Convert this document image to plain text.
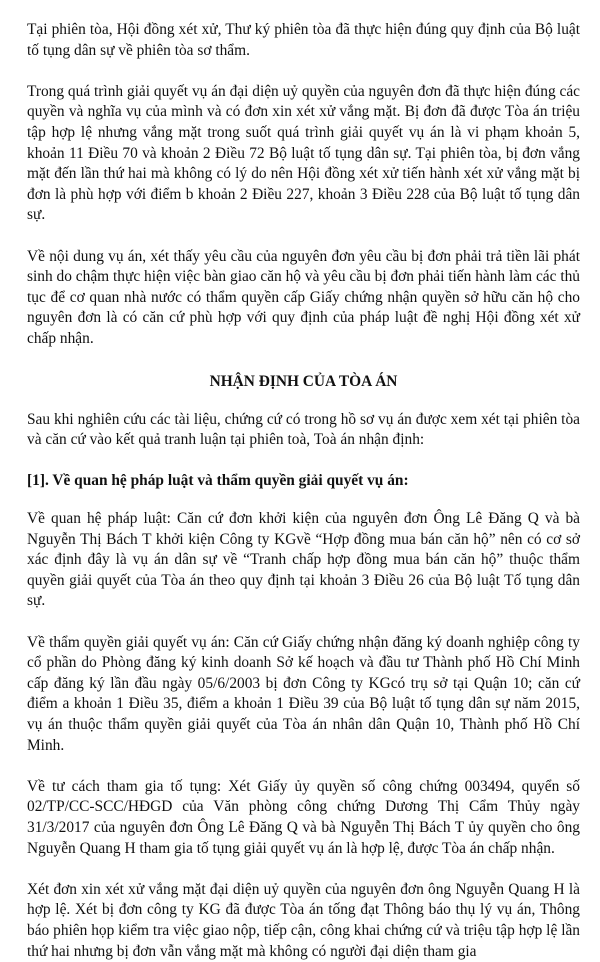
Tại phiên tòa, Hội đồng xét xử, Thư ký phiên tòa đã thực hiện đúng quy định của Bộ luật tố tụng dân sự về phiên tòa sơ thẩm.

Trong quá trình giải quyết vụ án đại diện uỷ quyền của nguyên đơn đã thực hiện đúng các quyền và nghĩa vụ của mình và có đơn xin xét xử vắng mặt. Bị đơn đã được Tòa án triệu tập hợp lệ nhưng vắng mặt trong suốt quá trình giải quyết vụ án là vi phạm khoản 5, khoản 11 Điều 70 và khoản 2 Điều 72 Bộ luật tố tụng dân sự. Tại phiên tòa, bị đơn vắng mặt đến lần thứ hai mà không có lý do nên Hội đồng xét xử tiến hành xét xử vắng mặt bị đơn là phù hợp với điểm b khoản 2 Điều 227, khoản 3 Điều 228 của Bộ luật tố tụng dân sự.

Về nội dung vụ án, xét thấy yêu cầu của nguyên đơn yêu cầu bị đơn phải trả tiền lãi phát sinh do chậm thực hiện việc bàn giao căn hộ và yêu cầu bị đơn phải tiến hành làm các thủ tục để cơ quan nhà nước có thẩm quyền cấp Giấy chứng nhận quyền sở hữu căn hộ cho nguyên đơn là có căn cứ phù hợp với quy định của pháp luật đề nghị Hội đồng xét xử chấp nhận.

NHẬN ĐỊNH CỦA TÒA ÁN

Sau khi nghiên cứu các tài liệu, chứng cứ có trong hồ sơ vụ án được xem xét tại phiên tòa và căn cứ vào kết quả tranh luận tại phiên toà, Toà án nhận định:

[1]. Về quan hệ pháp luật và thẩm quyền giải quyết vụ án:

Về quan hệ pháp luật: Căn cứ đơn khởi kiện của nguyên đơn Ông Lê Đăng Q và bà Nguyễn Thị Bách T khởi kiện Công ty KGvề “Hợp đồng mua bán căn hộ” nên có cơ sở xác định đây là vụ án dân sự về “Tranh chấp hợp đồng mua bán căn hộ” thuộc thẩm quyền giải quyết của Tòa án theo quy định tại khoản 3 Điều 26 của Bộ luật Tố tụng dân sự.

Về thẩm quyền giải quyết vụ án: Căn cứ Giấy chứng nhận đăng ký doanh nghiệp công ty cổ phần do Phòng đăng ký kinh doanh Sở kế hoạch và đầu tư Thành phố Hồ Chí Minh cấp đăng ký lần đầu ngày 05/6/2003 bị đơn Công ty KGcó trụ sở tại Quận 10; căn cứ điểm a khoản 1 Điều 35, điểm a khoản 1 Điều 39 của Bộ luật tố tụng dân sự năm 2015, vụ án thuộc thẩm quyền giải quyết của Tòa án nhân dân Quận 10, Thành phố Hồ Chí Minh.

Về tư cách tham gia tố tụng: Xét Giấy ủy quyền số công chứng 003494, quyển số 02/TP/CC-SCC/HĐGD của Văn phòng công chứng Dương Thị Cẩm Thủy ngày 31/3/2017 của nguyên đơn Ông Lê Đăng Q và bà Nguyễn Thị Bách T ủy quyền cho ông Nguyễn Quang H tham gia tố tụng giải quyết vụ án là hợp lệ, được Tòa án chấp nhận.

Xét đơn xin xét xử vắng mặt đại diện uỷ quyền của nguyên đơn ông Nguyễn Quang H là hợp lệ. Xét bị đơn công ty KG đã được Tòa án tống đạt Thông báo thụ lý vụ án, Thông báo phiên họp kiểm tra việc giao nộp, tiếp cận, công khai chứng cứ và triệu tập hợp lệ lần thứ hai nhưng bị đơn vẫn vắng mặt mà không có người đại diện tham gia
